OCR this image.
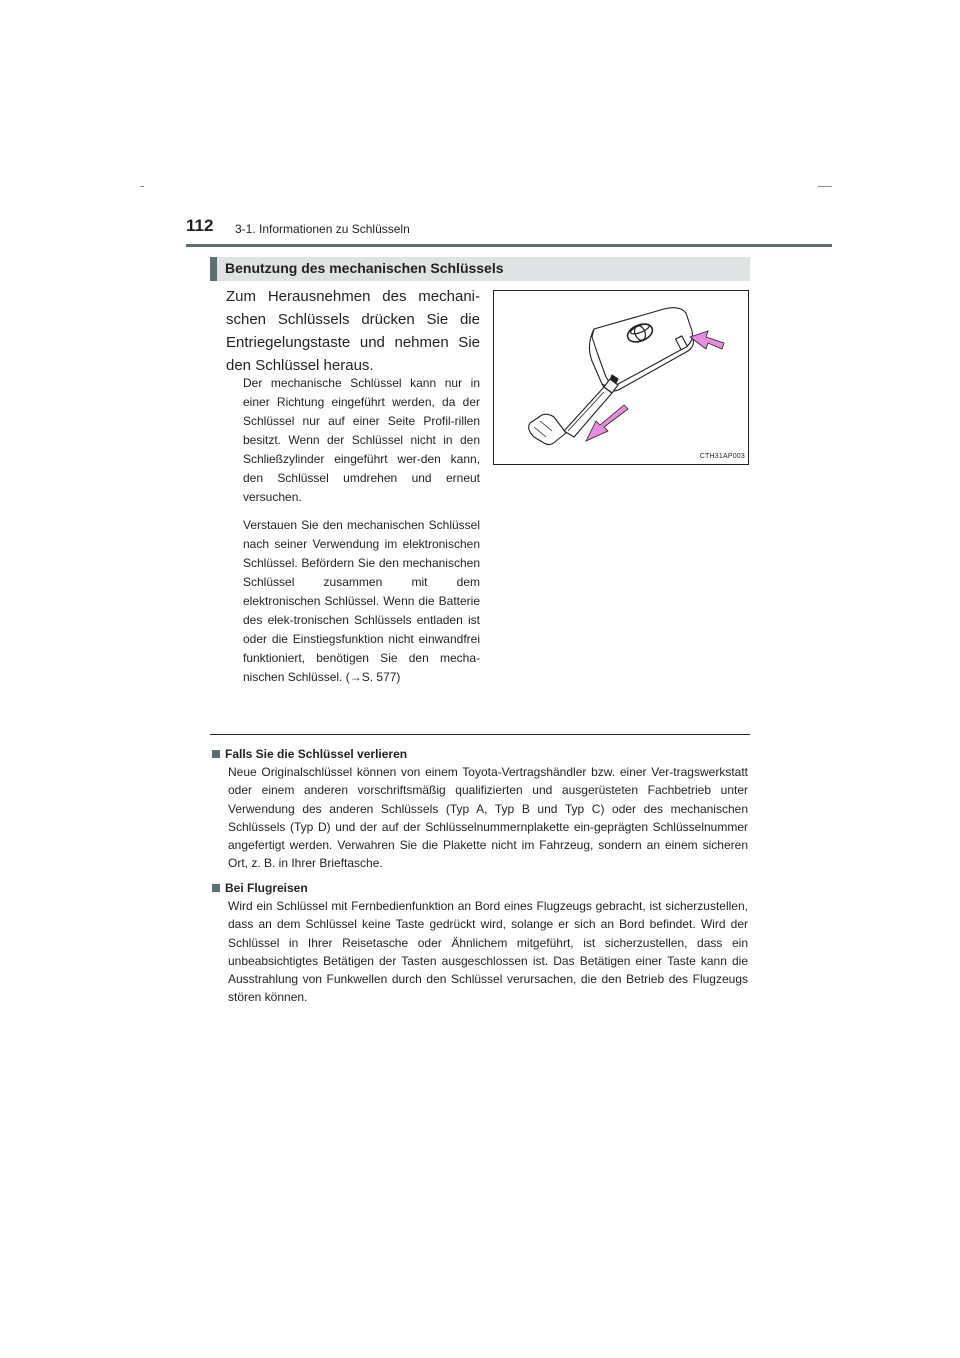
112 3-1. Informationen zu Schlüsseln
Benutzung des mechanischen Schlüssels
Zum Herausnehmen des mechani-schen Schlüssels drücken Sie die Entriegelungstaste und nehmen Sie den Schlüssel heraus.
Der mechanische Schlüssel kann nur in einer Richtung eingeführt werden, da der Schlüssel nur auf einer Seite Profil-rillen besitzt. Wenn der Schlüssel nicht in den Schließzylinder eingeführt wer-den kann, den Schlüssel umdrehen und erneut versuchen.
Verstauen Sie den mechanischen Schlüssel nach seiner Verwendung im elektronischen Schlüssel. Befördern Sie den mechanischen Schlüssel zusammen mit dem elektronischen Schlüssel. Wenn die Batterie des elek-tronischen Schlüssels entladen ist oder die Einstiegsfunktion nicht einwandfrei funktioniert, benötigen Sie den mecha-nischen Schlüssel. (→S. 577)
CTH31AP003
Falls Sie die Schlüssel verlieren
Neue Originalschlüssel können von einem Toyota-Vertragshändler bzw. einer Ver-tragswerkstatt oder einem anderen vorschriftsmäßig qualifizierten und ausgerüsteten Fachbetrieb unter Verwendung des anderen Schlüssels (Typ A, Typ B und Typ C) oder des mechanischen Schlüssels (Typ D) und der auf der Schlüsselnummernplakette ein-geprägten Schlüsselnummer angefertigt werden. Verwahren Sie die Plakette nicht im Fahrzeug, sondern an einem sicheren Ort, z. B. in Ihrer Brieftasche.
Bei Flugreisen
Wird ein Schlüssel mit Fernbedienfunktion an Bord eines Flugzeugs gebracht, ist sicherzustellen, dass an dem Schlüssel keine Taste gedrückt wird, solange er sich an Bord befindet. Wird der Schlüssel in Ihrer Reisetasche oder Ähnlichem mitgeführt, ist sicherzustellen, dass ein unbeabsichtigtes Betätigen der Tasten ausgeschlossen ist. Das Betätigen einer Taste kann die Ausstrahlung von Funkwellen durch den Schlüssel verursachen, die den Betrieb des Flugzeugs stören können.
